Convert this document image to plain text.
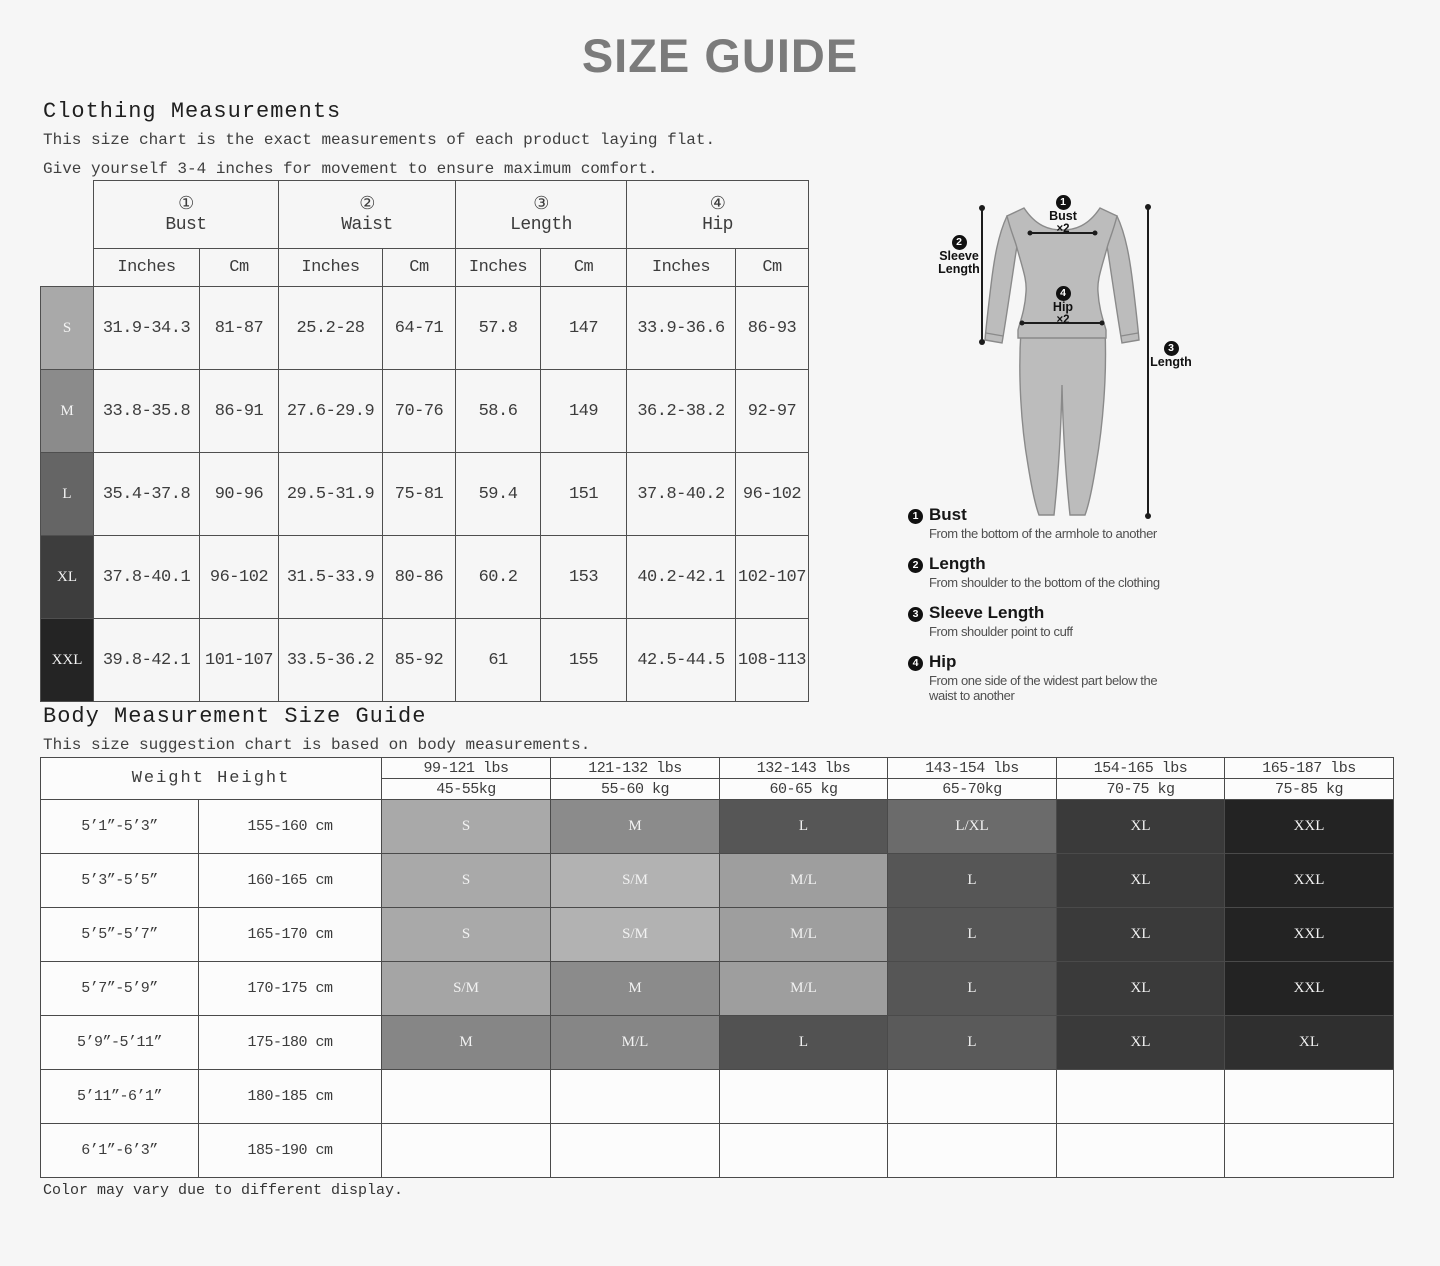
SIZE GUIDE
Clothing Measurements
This size chart is the exact measurements of each product laying flat.
Give yourself 3-4 inches for movement to ensure maximum comfort.

①
Bust

②
Waist

③
Length

④
Hip

	Inches	Cm	Inches	Cm	Inches	Cm	Inches	Cm
S	31.9-34.3	81-87	25.2-28	64-71	57.8	147	33.9-36.6	86-93
M	33.8-35.8	86-91	27.6-29.9	70-76	58.6	149	36.2-38.2	92-97
L	35.4-37.8	90-96	29.5-31.9	75-81	59.4	151	37.8-40.2	96-102
XL	37.8-40.1	96-102	31.5-33.9	80-86	60.2	153	40.2-42.1	102-107
XXL	39.8-42.1	101-107	33.5-36.2	85-92	61	155	42.5-44.5	108-113
1
Bust
×2
2
Sleeve
Length
3
Length
4
Hip
×2
1 Bust
From the bottom of the armhole to another
2 Length
From shoulder to the bottom of the clothing
3 Sleeve Length
From shoulder point to cuff
4 Hip
From one side of the widest part below the waist to another
Body Measurement Size Guide
This size suggestion chart is based on body measurements.
Weight Height		99-121 lbs	121-132 lbs	132-143 lbs	143-154 lbs	154-165 lbs	165-187 lbs
		45-55kg	55-60 kg	60-65 kg	65-70kg	70-75 kg	75-85 kg
5’1”-5’3”	155-160 cm	S	M	L	L/XL	XL	XXL
5’3”-5’5”	160-165 cm	S	S/M	M/L	L	XL	XXL
5’5”-5’7”	165-170 cm	S	S/M	M/L	L	XL	XXL
5’7”-5’9”	170-175 cm	S/M	M	M/L	L	XL	XXL
5’9”-5’11”	175-180 cm	M	M/L	L	L	XL	XL
5’11”-6’1”	180-185 cm						
6’1”-6’3”	185-190 cm						
Color may vary due to different display.
